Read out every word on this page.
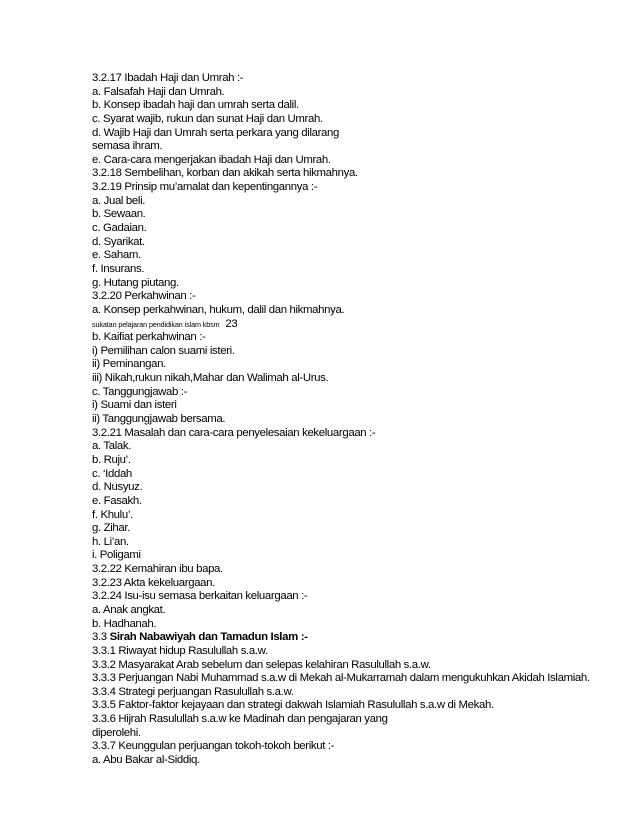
3.2.17 Ibadah Haji dan Umrah :-
a. Falsafah Haji dan Umrah.
b. Konsep ibadah haji dan umrah serta dalil.
c. Syarat wajib, rukun dan sunat Haji dan Umrah.
d. Wajib Haji dan Umrah serta perkara yang dilarang
semasa ihram.
e. Cara-cara mengerjakan ibadah Haji dan Umrah.
3.2.18 Sembelihan, korban dan akikah serta hikmahnya.
3.2.19 Prinsip mu’amalat dan kepentingannya :-
a. Jual beli.
b. Sewaan.
c. Gadaian.
d. Syarikat.
e. Saham.
f. Insurans.
g. Hutang piutang.
3.2.20 Perkahwinan :-
a. Konsep perkahwinan, hukum, dalil dan hikmahnya.
sukatan pelajaran pendidikan islam kbsm 23
b. Kaifiat perkahwinan :-
i) Pemilihan calon suami isteri.
ii) Peminangan.
iii) Nikah,rukun nikah,Mahar dan Walimah al-Urus.
c. Tanggungjawab :-
i) Suami dan isteri
ii) Tanggungjawab bersama.
3.2.21 Masalah dan cara-cara penyelesaian kekeluargaan :-
a. Talak.
b. Ruju’.
c. ‘Iddah
d. Nusyuz.
e. Fasakh.
f. Khulu’.
g. Zihar.
h. Li’an.
i. Poligami
3.2.22 Kemahiran ibu bapa.
3.2.23 Akta kekeluargaan.
3.2.24 Isu-isu semasa berkaitan keluargaan :-
a. Anak angkat.
b. Hadhanah.
3.3 Sirah Nabawiyah dan Tamadun Islam :-
3.3.1 Riwayat hidup Rasulullah s.a.w.
3.3.2 Masyarakat Arab sebelum dan selepas kelahiran Rasulullah s.a.w.
3.3.3 Perjuangan Nabi Muhammad s.a.w di Mekah al-Mukarramah dalam mengukuhkan Akidah Islamiah.
3.3.4 Strategi perjuangan Rasulullah s.a.w.
3.3.5 Faktor-faktor kejayaan dan strategi dakwah Islamiah Rasulullah s.a.w di Mekah.
3.3.6 Hijrah Rasulullah s.a.w ke Madinah dan pengajaran yang
diperolehi.
3.3.7 Keunggulan perjuangan tokoh-tokoh berikut :-
a. Abu Bakar al-Siddiq.
